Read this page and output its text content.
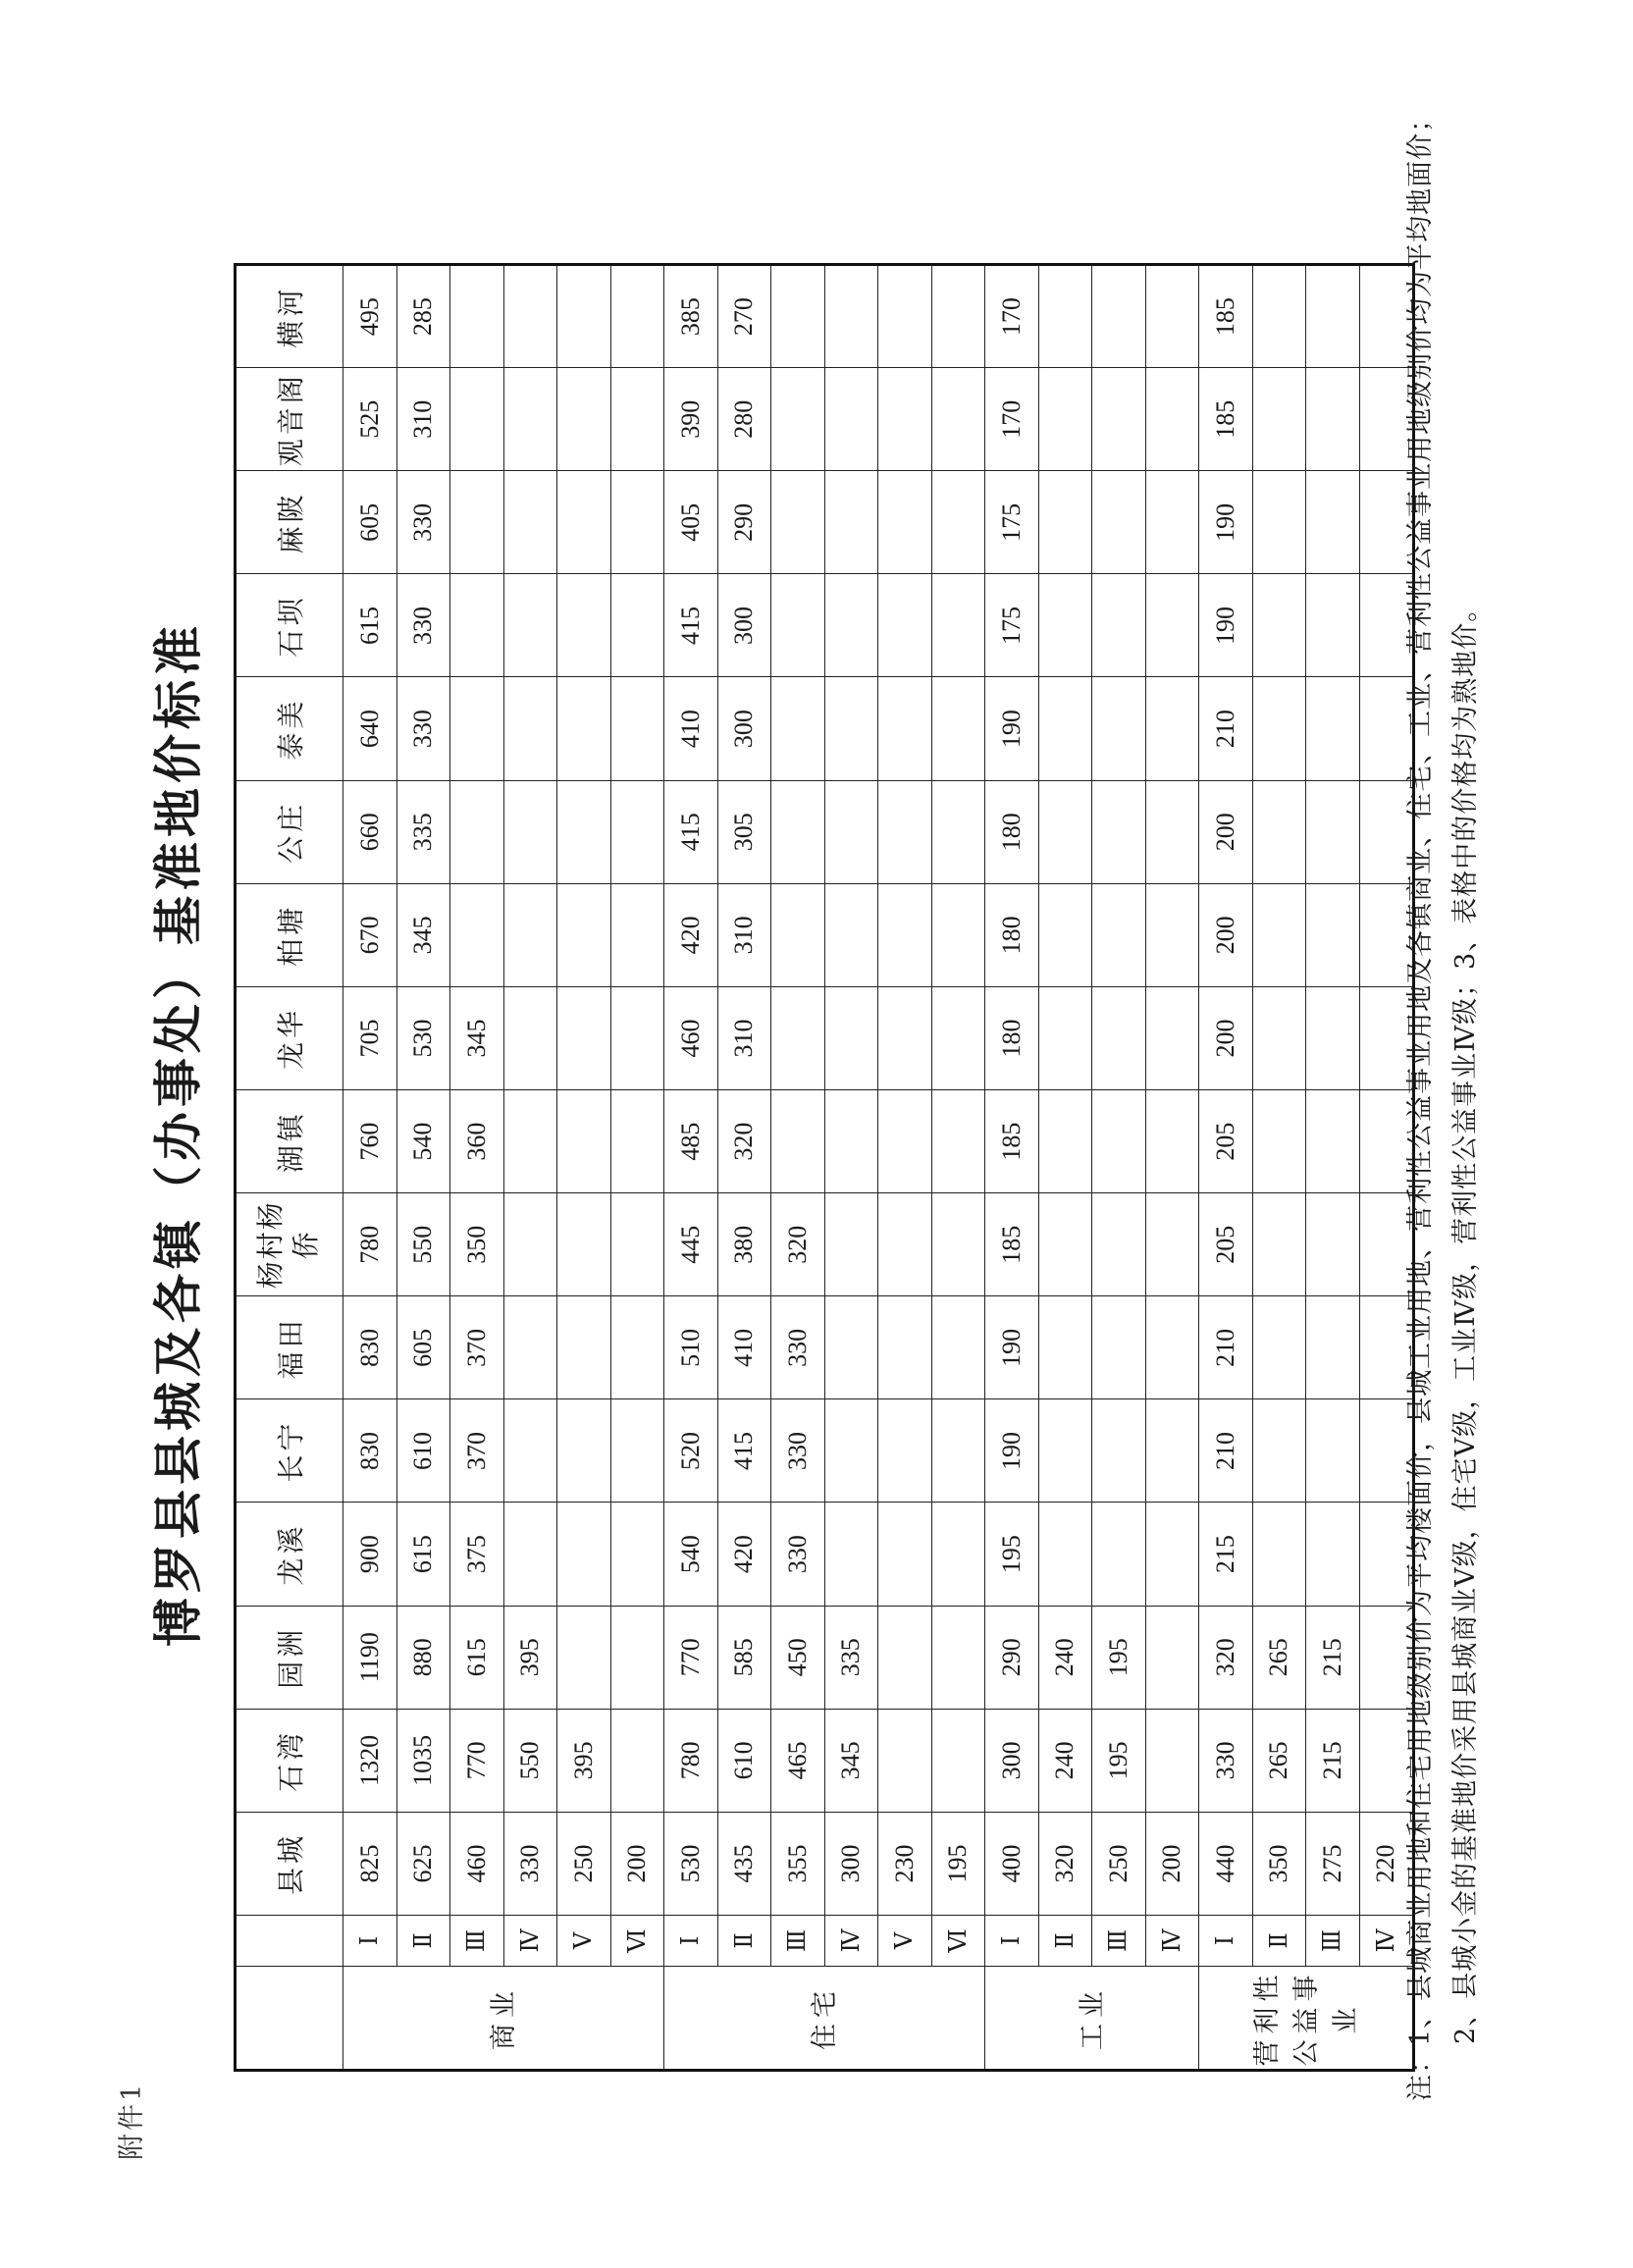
附件1
博罗县县城及各镇（办事处）基准地价标准
		县城	石湾	园洲	龙溪	长宁	福田	杨村杨侨	湖镇	龙华	柏塘	公庄	泰美	石坝	麻陂	观音阁	横河
商业	Ⅰ	825	1320	1190	900	830	830	780	760	705	670	660	640	615	605	525	495
	Ⅱ	625	1035	880	615	610	605	550	540	530	345	335	330	330	330	310	285
	Ⅲ	460	770	615	375	370	370	350	360	345							
	Ⅳ	330	550	395													
	Ⅴ	250	395														
	Ⅵ	200															
住宅	Ⅰ	530	780	770	540	520	510	445	485	460	420	415	410	415	405	390	385
	Ⅱ	435	610	585	420	415	410	380	320	310	310	305	300	300	290	280	270
	Ⅲ	355	465	450	330	330	330	320									
	Ⅳ	300	345	335													
	Ⅴ	230															
	Ⅵ	195															
工业	Ⅰ	400	300	290	195	190	190	185	185	180	180	180	190	175	175	170	170
	Ⅱ	320	240	240													
	Ⅲ	250	195	195													
	Ⅳ	200															
营利性公益事业	Ⅰ	440	330	320	215	210	210	205	205	200	200	200	210	190	190	185	185
	Ⅱ	350	265	265													
	Ⅲ	275	215	215													
	Ⅳ	220															注：1、县城商业用地和住宅用地级别价为平均楼面价，县城工业用地、营利性公益事业用地及各镇商业、住宅、工业、营利性公益事业用地级别价均为平均地面价； 2、县城小金的基准地价采用县城商业Ⅴ级，住宅Ⅴ级，工业Ⅳ级，营利性公益事业Ⅳ级；3、表格中的价格均为熟地价。
